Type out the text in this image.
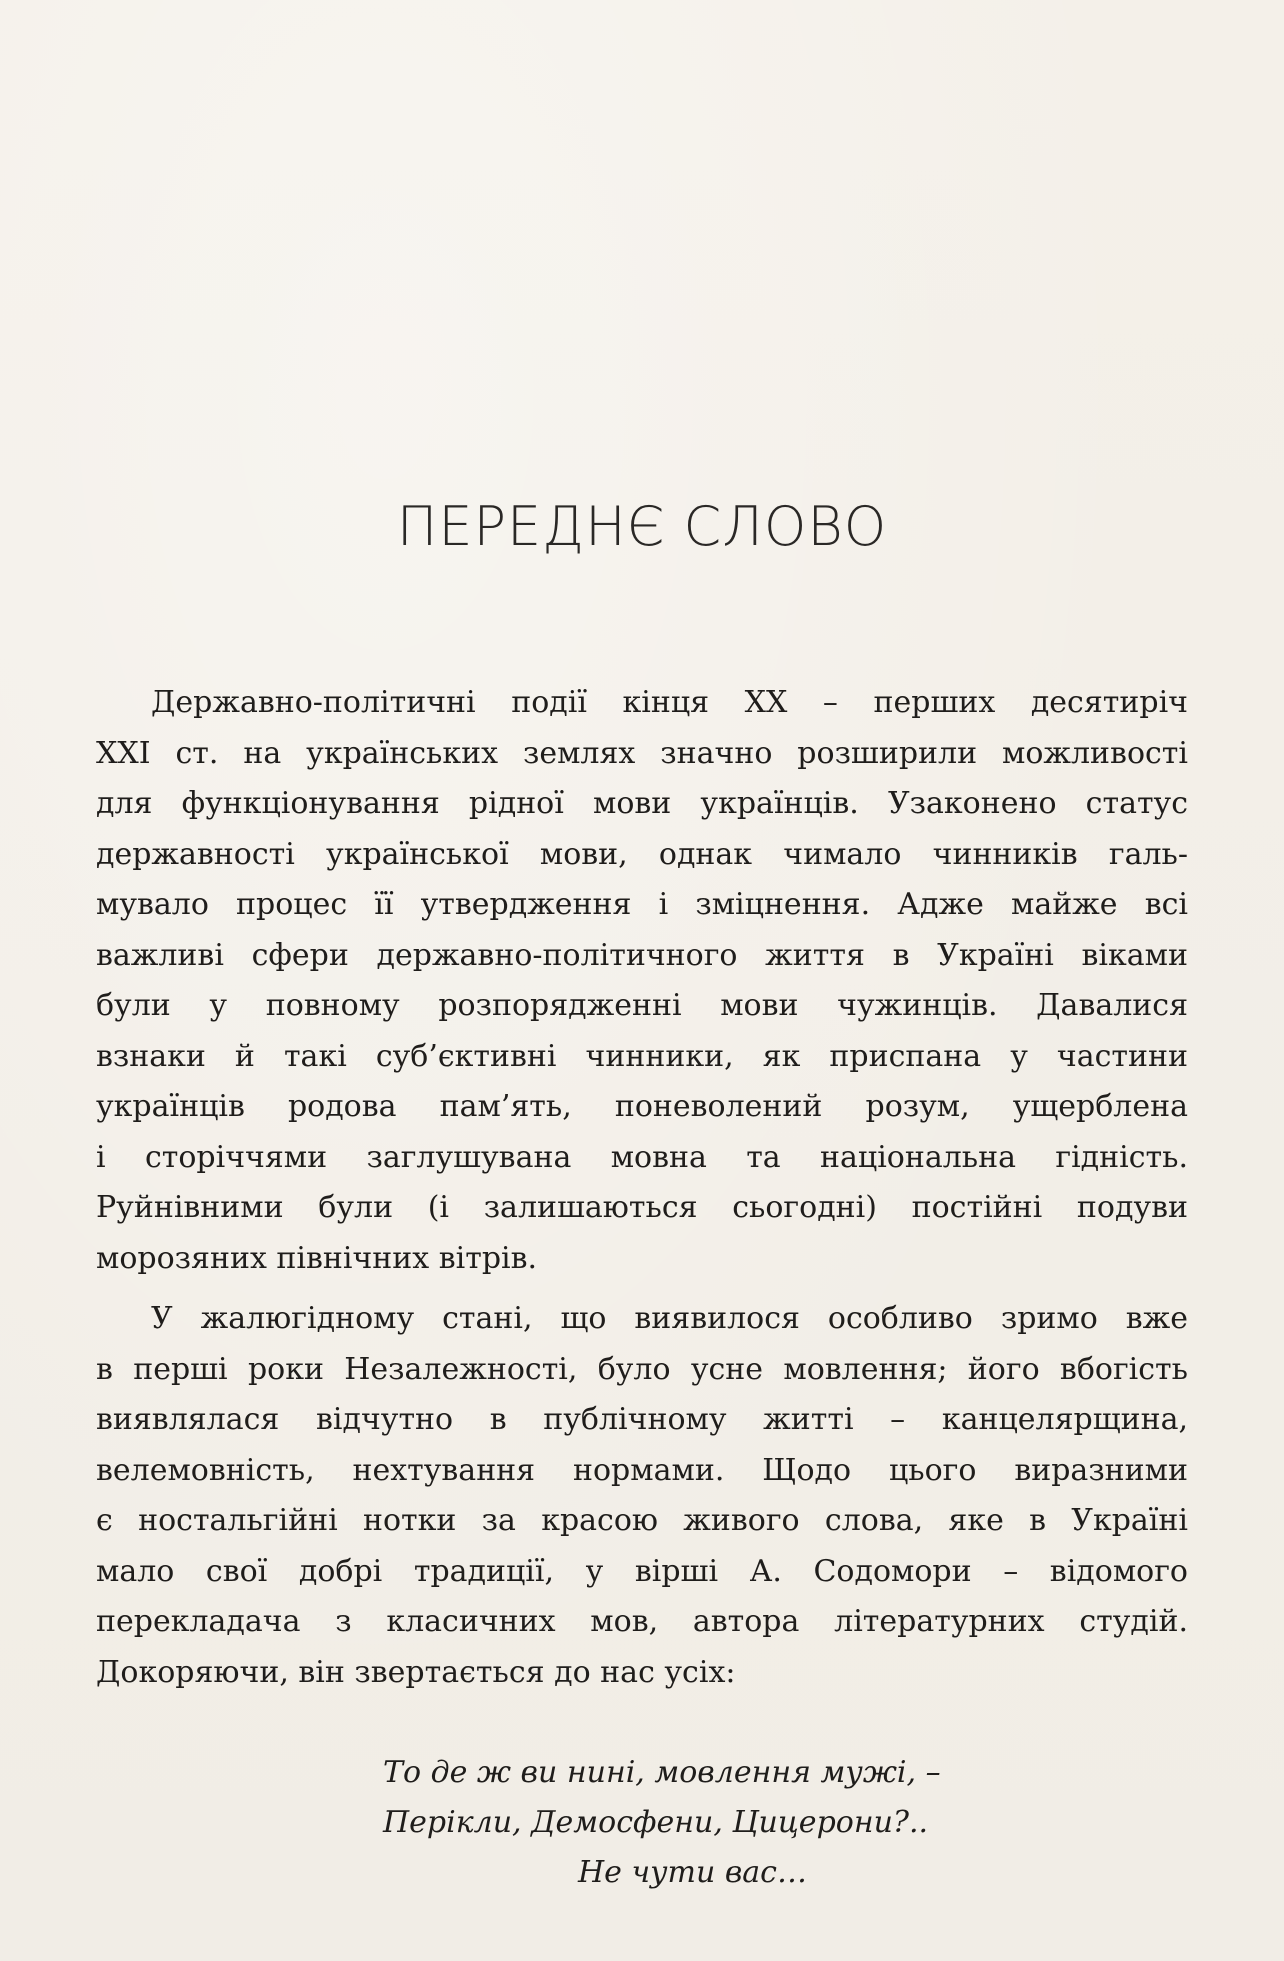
ПЕРЕДНЄ СЛОВО
Державно-політичні події кінця ХХ – перших десятиріч
ХХІ ст. на українських землях значно розширили можливості
для функціонування рідної мови українців. Узаконено статус
державності української мови, однак чимало чинників галь-
мувало процес її утвердження і зміцнення. Адже майже всі
важливі сфери державно-політичного життя в Україні віками
були у повному розпорядженні мови чужинців. Давалися
взнаки й такі суб’єктивні чинники, як приспана у частини
українців родова пам’ять, поневолений розум, ущерблена
і сторіччями заглушувана мовна та національна гідність.
Руйнівними були (і залишаються сьогодні) постійні подуви
морозяних північних вітрів.
У жалюгідному стані, що виявилося особливо зримо вже
в перші роки Незалежності, було усне мовлення; його вбогість
виявлялася відчутно в публічному житті – канцелярщина,
велемовність, нехтування нормами. Щодо цього виразними
є ностальгійні нотки за красою живого слова, яке в Україні
мало свої добрі традиції, у вірші А. Содомори – відомого
перекладача з класичних мов, автора літературних студій.
Докоряючи, він звертається до нас усіх:
То де ж ви нині, мовлення мужі, –
Перікли, Демосфени, Цицерони?..
Не чути вас…
